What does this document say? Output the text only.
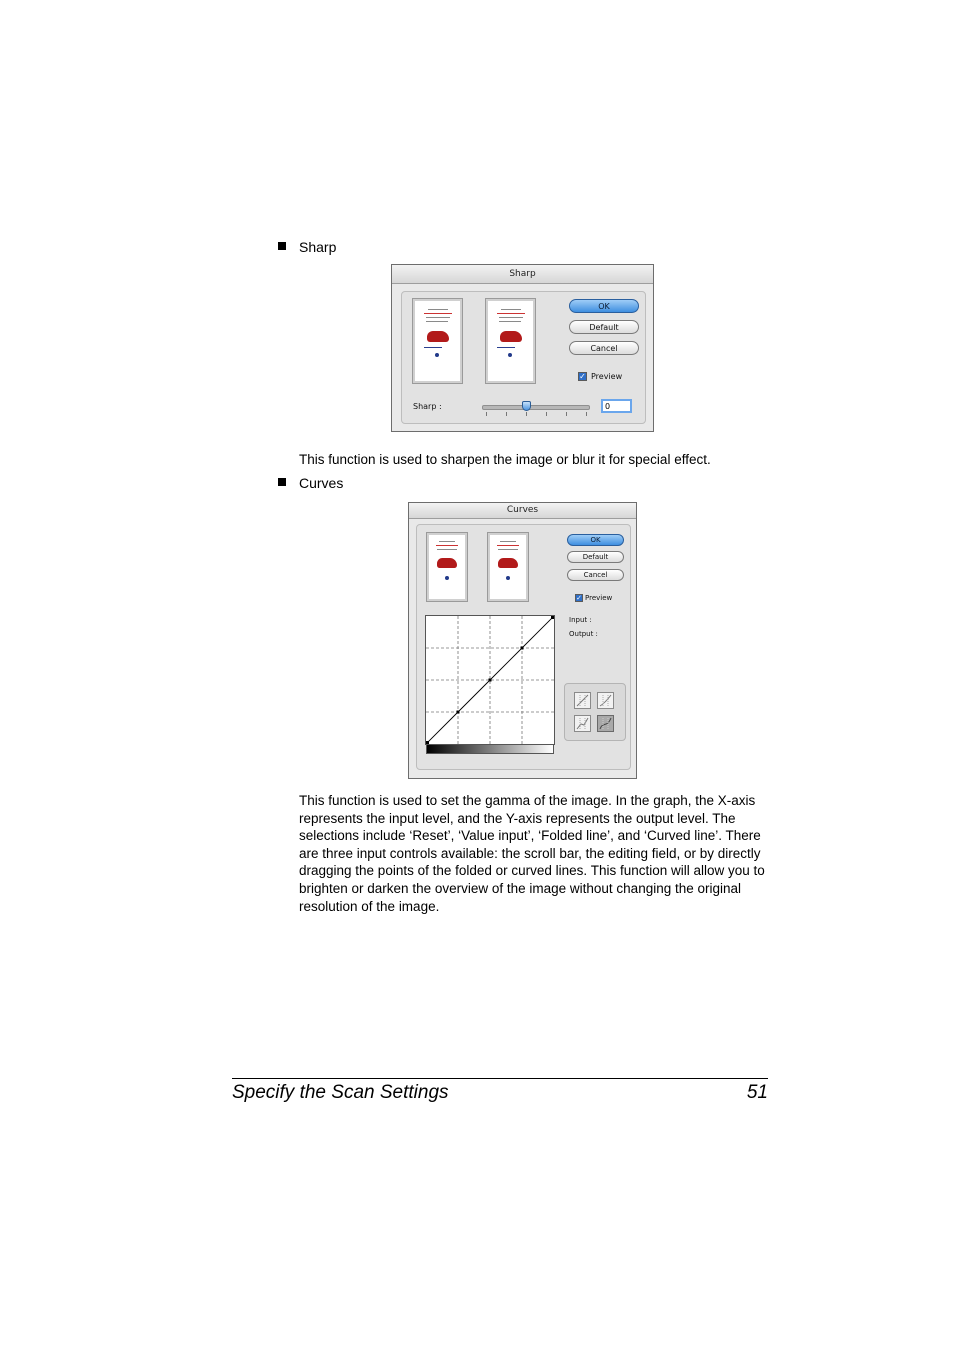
Sharp
Sharp
OK
Default
Cancel
✓ Preview
Sharp :
0
This function is used to sharpen the image or blur it for special effect.
Curves
Curves
OK
Default
Cancel
✓ Preview
Input :
Output :
This function is used to set the gamma of the image. In the graph, the X-axis represents the input level, and the Y-axis represents the output level. The selections include ‘Reset’, ‘Value input’, ‘Folded line’, and ‘Curved line’. There are three input controls available: the scroll bar, the editing field, or by directly dragging the points of the folded or curved lines. This function will allow you to brighten or darken the overview of the image without changing the original resolution of the image.
Specify the Scan Settings	51
